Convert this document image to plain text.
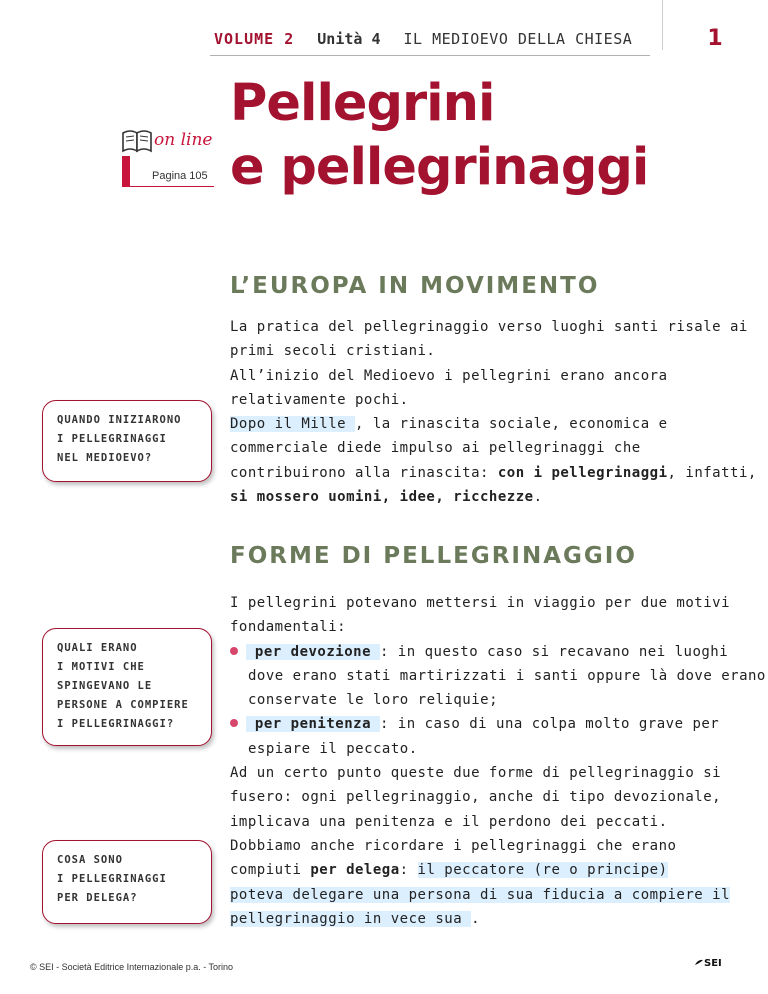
VOLUME 2 Unità 4 IL MEDIOEVO DELLA CHIESA	1
on line
Pagina 105
Pellegrini
e pellegrinaggi
L’EUROPA IN MOVIMENTO
La pratica del pellegrinaggio verso luoghi santi risale ai
primi secoli cristiani.
All’inizio del Medioevo i pellegrini erano ancora
relativamente pochi.
Dopo il Mille , la rinascita sociale, economica e
commerciale diede impulso ai pellegrinaggi che
contribuirono alla rinascita: con i pellegrinaggi, infatti,
si mossero uomini, idee, ricchezze.
QUANDO INIZIARONO
I PELLEGRINAGGI
NEL MEDIOEVO?
FORME DI PELLEGRINAGGIO
I pellegrini potevano mettersi in viaggio per due motivi
fondamentali:
per devozione : in questo caso si recavano nei luoghi
dove erano stati martirizzati i santi oppure là dove erano
conservate le loro reliquie;
per penitenza : in caso di una colpa molto grave per
espiare il peccato.
Ad un certo punto queste due forme di pellegrinaggio si
fusero: ogni pellegrinaggio, anche di tipo devozionale,
implicava una penitenza e il perdono dei peccati.
Dobbiamo anche ricordare i pellegrinaggi che erano
compiuti per delega: il peccatore (re o principe)
poteva delegare una persona di sua fiducia a compiere il
pellegrinaggio in vece sua .
QUALI ERANO
I MOTIVI CHE
SPINGEVANO LE
PERSONE A COMPIERE
I PELLEGRINAGGI?
COSA SONO
I PELLEGRINAGGI
PER DELEGA?
© SEI - Società Editrice Internazionale p.a. - Torino	SEI
